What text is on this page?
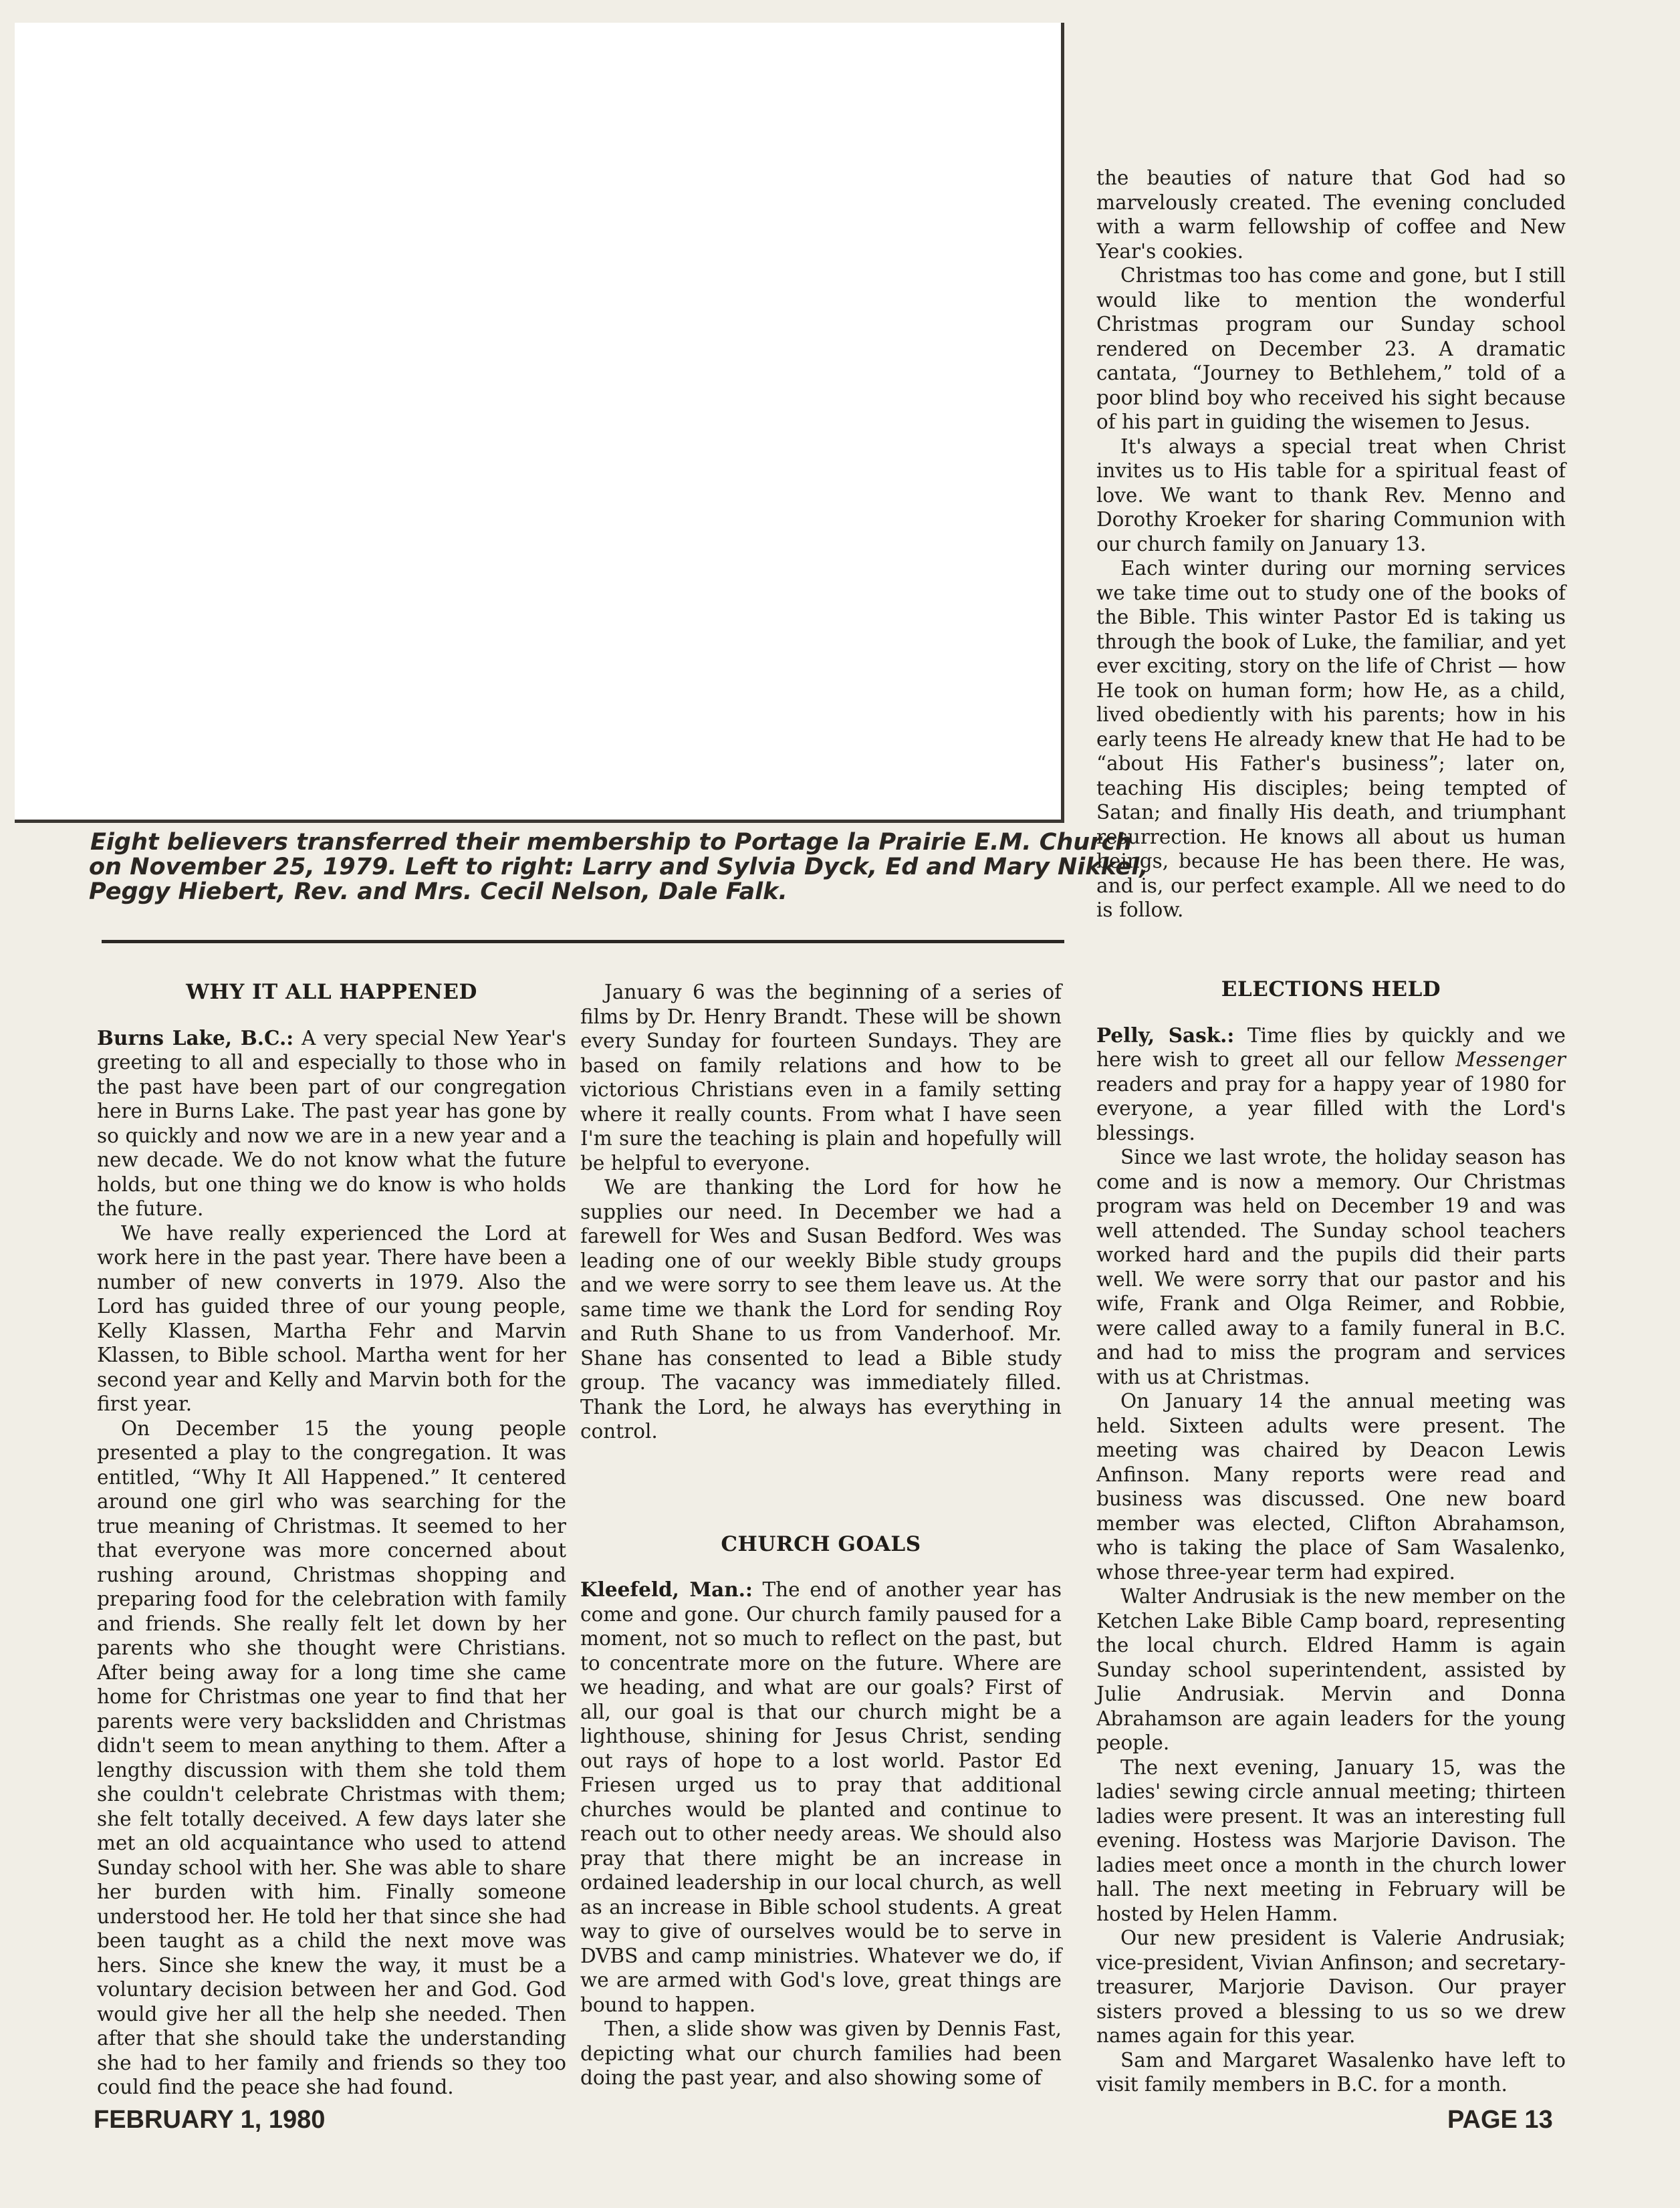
Eight believers transferred their membership to Portage la Prairie E.M. Church
on November 25, 1979. Left to right: Larry and Sylvia Dyck, Ed and Mary Nikkel,
Peggy Hiebert, Rev. and Mrs. Cecil Nelson, Dale Falk.

WHY IT ALL HAPPENED

Burns Lake, B.C.: A very special New Year's greeting to all and especially to those who in the past have been part of our congregation here in Burns Lake. The past year has gone by so quickly and now we are in a new year and a new decade. We do not know what the future holds, but one thing we do know is who holds the future.

We have really experienced the Lord at work here in the past year. There have been a number of new converts in 1979. Also the Lord has guided three of our young people, Kelly Klassen, Martha Fehr and Marvin Klassen, to Bible school. Martha went for her second year and Kelly and Marvin both for the first year.

On December 15 the young people presented a play to the congregation. It was entitled, “Why It All Happened.” It centered around one girl who was searching for the true meaning of Christmas. It seemed to her that everyone was more concerned about rushing around, Christmas shopping and preparing food for the celebration with family and friends. She really felt let down by her parents who she thought were Christians. After being away for a long time she came home for Christmas one year to find that her parents were very backslidden and Christmas didn't seem to mean anything to them. After a lengthy discussion with them she told them she couldn't celebrate Christmas with them; she felt totally deceived. A few days later she met an old acquaintance who used to attend Sunday school with her. She was able to share her burden with him. Finally someone understood her. He told her that since she had been taught as a child the next move was hers. Since she knew the way, it must be a voluntary decision between her and God. God would give her all the help she needed. Then after that she should take the understanding she had to her family and friends so they too could find the peace she had found.

January 6 was the beginning of a series of films by Dr. Henry Brandt. These will be shown every Sunday for fourteen Sundays. They are based on family relations and how to be victorious Christians even in a family setting where it really counts. From what I have seen I'm sure the teaching is plain and hopefully will be helpful to everyone.

We are thanking the Lord for how he supplies our need. In December we had a farewell for Wes and Susan Bedford. Wes was leading one of our weekly Bible study groups and we were sorry to see them leave us. At the same time we thank the Lord for sending Roy and Ruth Shane to us from Vanderhoof. Mr. Shane has consented to lead a Bible study group. The vacancy was immediately filled. Thank the Lord, he always has everything in control.

CHURCH GOALS

Kleefeld, Man.: The end of another year has come and gone. Our church family paused for a moment, not so much to reflect on the past, but to concentrate more on the future. Where are we heading, and what are our goals? First of all, our goal is that our church might be a lighthouse, shining for Jesus Christ, sending out rays of hope to a lost world. Pastor Ed Friesen urged us to pray that additional churches would be planted and continue to reach out to other needy areas. We should also pray that there might be an increase in ordained leadership in our local church, as well as an increase in Bible school students. A great way to give of ourselves would be to serve in DVBS and camp ministries. Whatever we do, if we are armed with God's love, great things are bound to happen.

Then, a slide show was given by Dennis Fast, depicting what our church families had been doing the past year, and also showing some of

the beauties of nature that God had so marvelously created. The evening concluded with a warm fellowship of coffee and New Year's cookies.

Christmas too has come and gone, but I still would like to mention the wonderful Christmas program our Sunday school rendered on December 23. A dramatic cantata, “Journey to Bethlehem,” told of a poor blind boy who received his sight because of his part in guiding the wisemen to Jesus.

It's always a special treat when Christ invites us to His table for a spiritual feast of love. We want to thank Rev. Menno and Dorothy Kroeker for sharing Communion with our church family on January 13.

Each winter during our morning services we take time out to study one of the books of the Bible. This winter Pastor Ed is taking us through the book of Luke, the familiar, and yet ever exciting, story on the life of Christ — how He took on human form; how He, as a child, lived obediently with his parents; how in his early teens He already knew that He had to be “about His Father's business”; later on, teaching His disciples; being tempted of Satan; and finally His death, and triumphant resurrection. He knows all about us human beings, because He has been there. He was, and is, our perfect example. All we need to do is follow.

ELECTIONS HELD

Pelly, Sask.: Time flies by quickly and we here wish to greet all our fellow Messenger readers and pray for a happy year of 1980 for everyone, a year filled with the Lord's blessings.

Since we last wrote, the holiday season has come and is now a memory. Our Christmas program was held on December 19 and was well attended. The Sunday school teachers worked hard and the pupils did their parts well. We were sorry that our pastor and his wife, Frank and Olga Reimer, and Robbie, were called away to a family funeral in B.C. and had to miss the program and services with us at Christmas.

On January 14 the annual meeting was held. Sixteen adults were present. The meeting was chaired by Deacon Lewis Anfinson. Many reports were read and business was discussed. One new board member was elected, Clifton Abrahamson, who is taking the place of Sam Wasalenko, whose three-year term had expired.

Walter Andrusiak is the new member on the Ketchen Lake Bible Camp board, representing the local church. Eldred Hamm is again Sunday school superintendent, assisted by Julie Andrusiak. Mervin and Donna Abrahamson are again leaders for the young people.

The next evening, January 15, was the ladies' sewing circle annual meeting; thirteen ladies were present. It was an interesting full evening. Hostess was Marjorie Davison. The ladies meet once a month in the church lower hall. The next meeting in February will be hosted by Helen Hamm.

Our new president is Valerie Andrusiak; vice-president, Vivian Anfinson; and secretary-treasurer, Marjorie Davison. Our prayer sisters proved a blessing to us so we drew names again for this year.

Sam and Margaret Wasalenko have left to visit family members in B.C. for a month.

FEBRUARY 1, 1980	PAGE 13
